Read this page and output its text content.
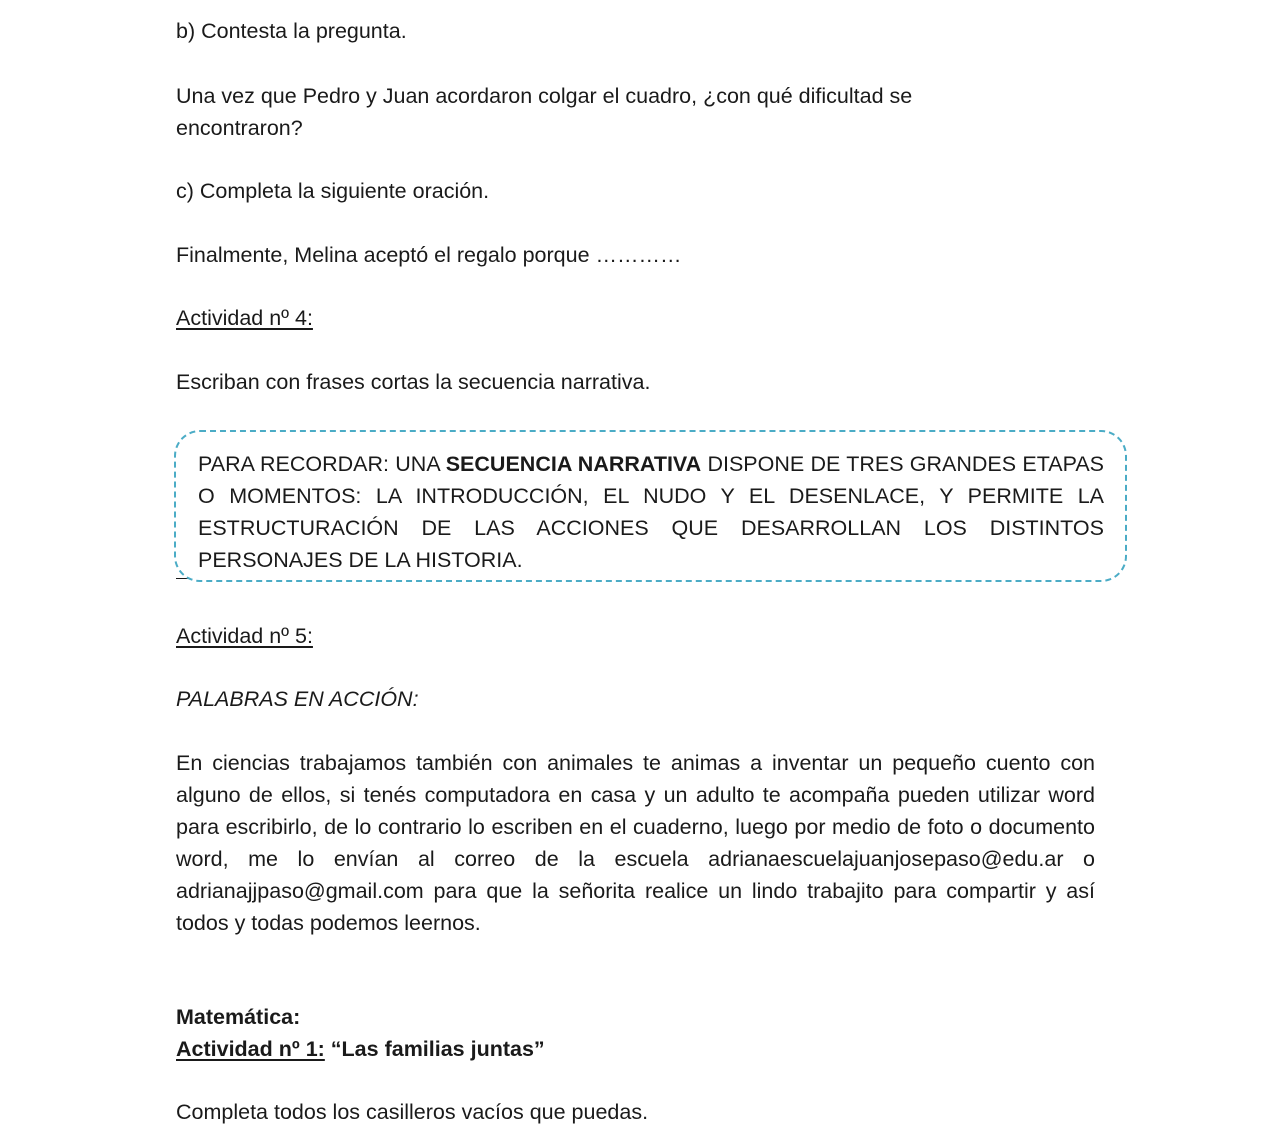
b) Contesta la pregunta.
Una vez que Pedro y Juan acordaron colgar el cuadro, ¿con qué dificultad se encontraron?
c) Completa la siguiente oración.
Finalmente, Melina aceptó el regalo porque …………
Actividad nº 4:
Escriban con frases cortas la secuencia narrativa.
PARA RECORDAR: UNA SECUENCIA NARRATIVA DISPONE DE TRES GRANDES ETAPAS O MOMENTOS: LA INTRODUCCIÓN, EL NUDO Y EL DESENLACE, Y PERMITE LA ESTRUCTURACIÓN DE LAS ACCIONES QUE DESARROLLAN LOS DISTINTOS PERSONAJES DE LA HISTORIA.
Actividad nº 5:
PALABRAS EN ACCIÓN:
En ciencias trabajamos también con animales te animas a inventar un pequeño cuento con alguno de ellos, si tenés computadora en casa y un adulto te acompaña pueden utilizar word para escribirlo, de lo contrario lo escriben en el cuaderno, luego por medio de foto o documento word, me lo envían al correo de la escuela adrianaescuelajuanjosepaso@edu.ar o adrianajjpaso@gmail.com para que la señorita realice un lindo trabajito para compartir y así todos y todas podemos leernos.
Matemática:
Actividad nº 1: “Las familias juntas”
Completa todos los casilleros vacíos que puedas.
